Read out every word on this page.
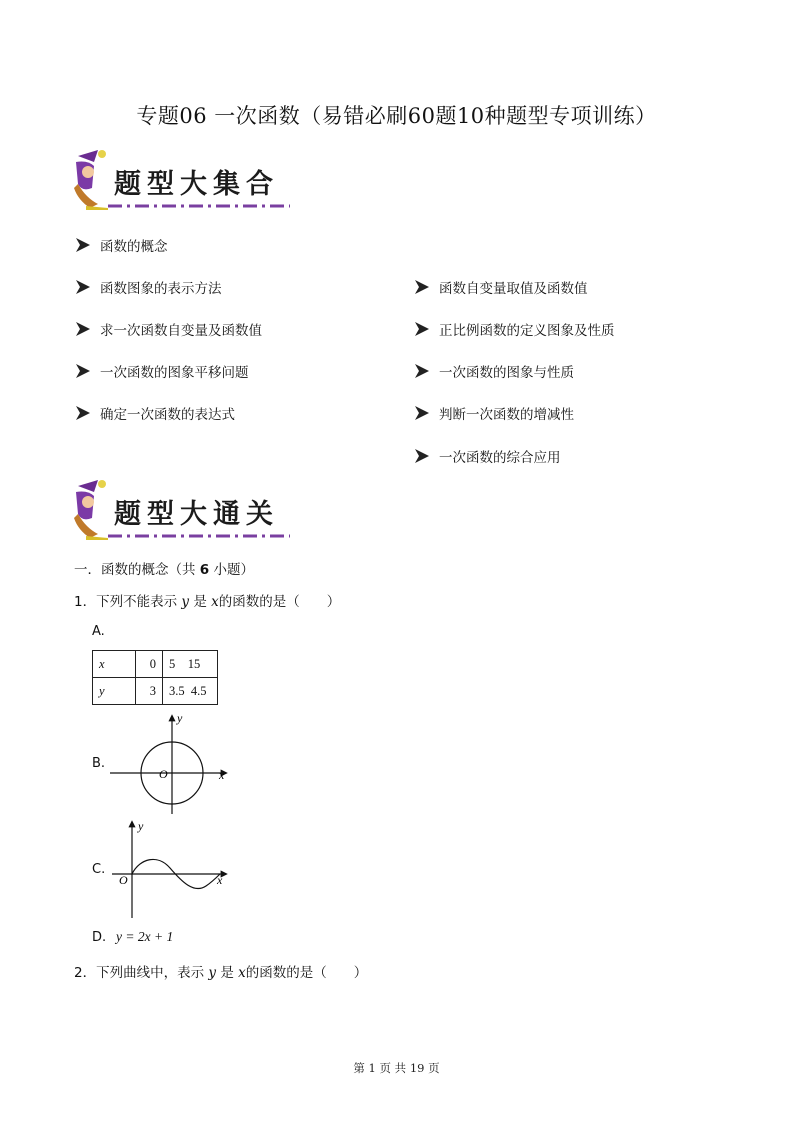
专题06 一次函数（易错必刷60题10种题型专项训练）
题型大集合
函数的概念
函数图象的表示方法
求一次函数自变量及函数值
一次函数的图象平移问题
确定一次函数的表达式
函数自变量取值及函数值
正比例函数的定义图象及性质
一次函数的图象与性质
判断一次函数的增减性
一次函数的综合应用
题型大通关
一．函数的概念（共 6 小题）
1．下列不能表示 y 是 x的函数的是（　　）
A.
x	0	5 15
y	3	3.5 4.5
B.
y
x
O
C.
y
x
O
D. y = 2x + 1
2．下列曲线中，表示 y 是 x的函数的是（　　）
第 1 页 共 19 页
